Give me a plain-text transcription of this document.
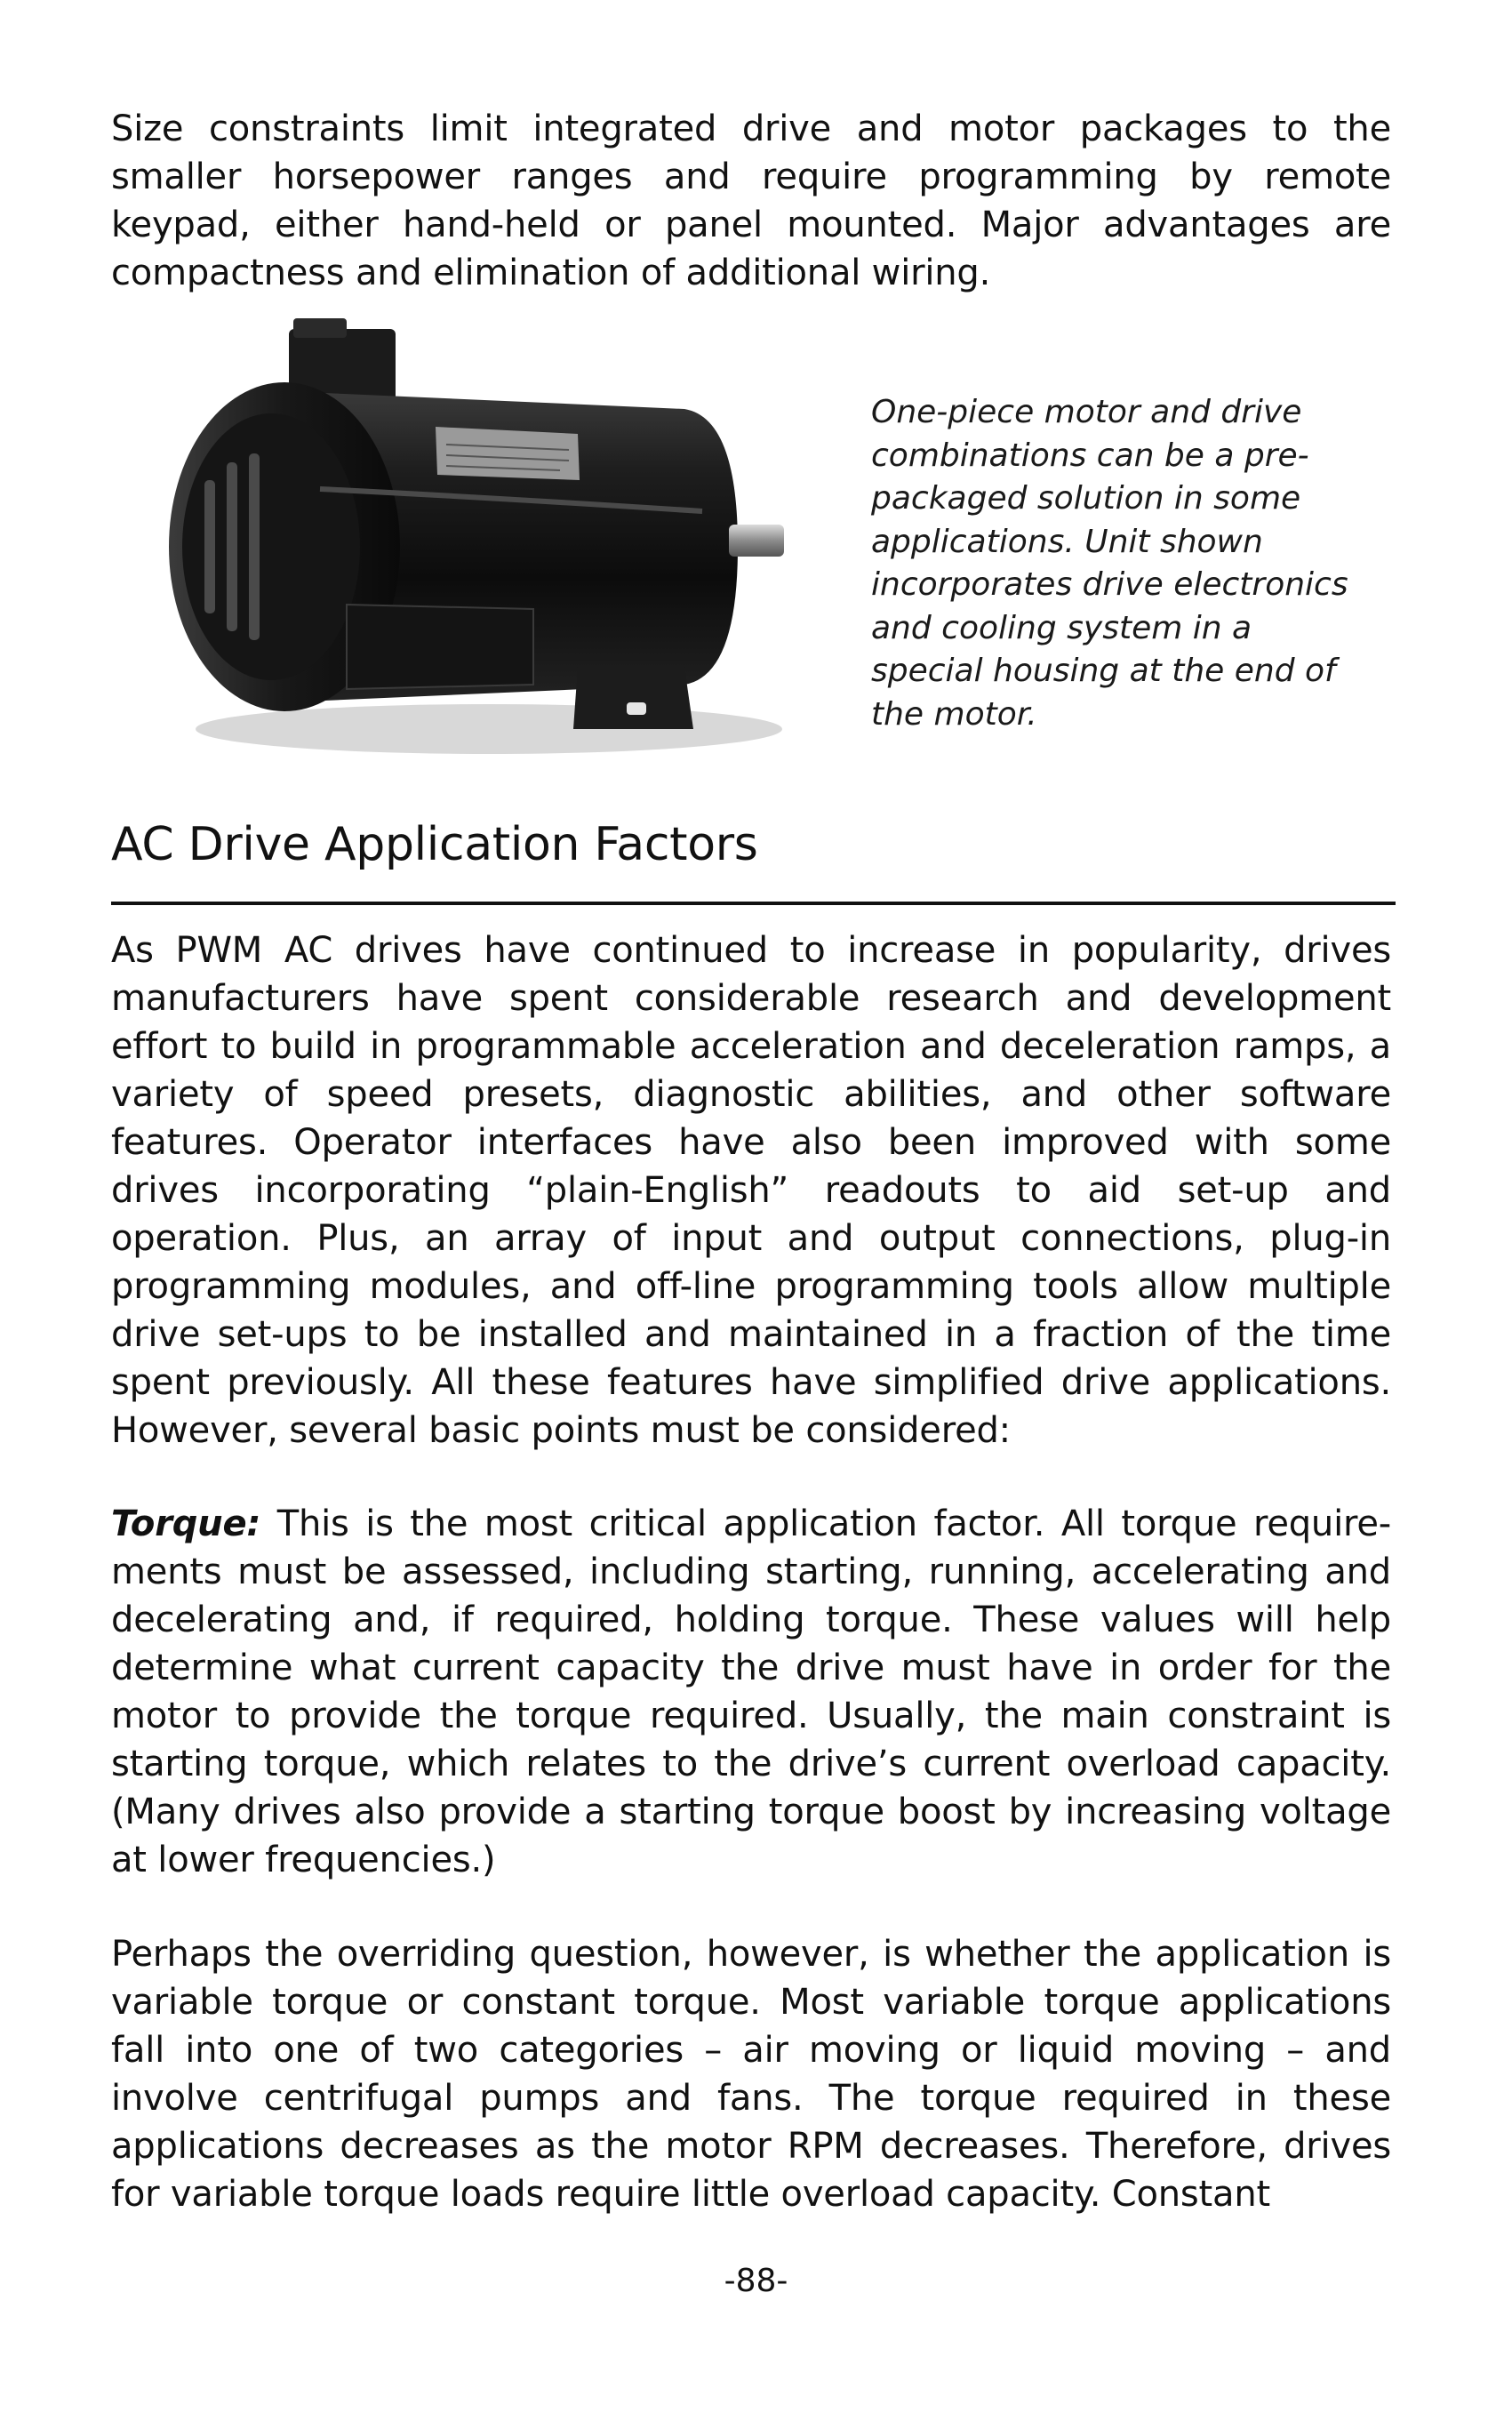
Size constraints limit integrated drive and motor packages to the smaller horsepower ranges and require programming by remote keypad, either hand-held or panel mounted. Major advantages are compactness and elimination of additional wiring.

One-piece motor and drive combinations can be a pre-packaged solution in some applications. Unit shown incorporates drive electronics and cooling system in a special housing at the end of the motor.

AC Drive Application Factors

As PWM AC drives have continued to increase in popularity, drives manufacturers have spent considerable research and development effort to build in programmable acceleration and deceleration ramps, a variety of speed presets, diagnostic abilities, and other software features. Operator interfaces have also been improved with some drives incorporating “plain-English” readouts to aid set-up and operation. Plus, an array of input and output connections, plug-in programming modules, and off-line programming tools allow multiple drive set-ups to be installed and maintained in a fraction of the time spent previously. All these features have simplified drive applications. However, several basic points must be considered:

Torque: This is the most critical application factor. All torque require-ments must be assessed, including starting, running, accelerating and decelerating and, if required, holding torque. These values will help determine what current capacity the drive must have in order for the motor to provide the torque required. Usually, the main constraint is starting torque, which relates to the drive’s current overload capacity. (Many drives also provide a starting torque boost by increasing voltage at lower frequencies.)

Perhaps the overriding question, however, is whether the application is variable torque or constant torque. Most variable torque applications fall into one of two categories – air moving or liquid moving – and involve centrifugal pumps and fans. The torque required in these applications decreases as the motor RPM decreases. Therefore, drives for variable torque loads require little overload capacity. Constant

-88-
